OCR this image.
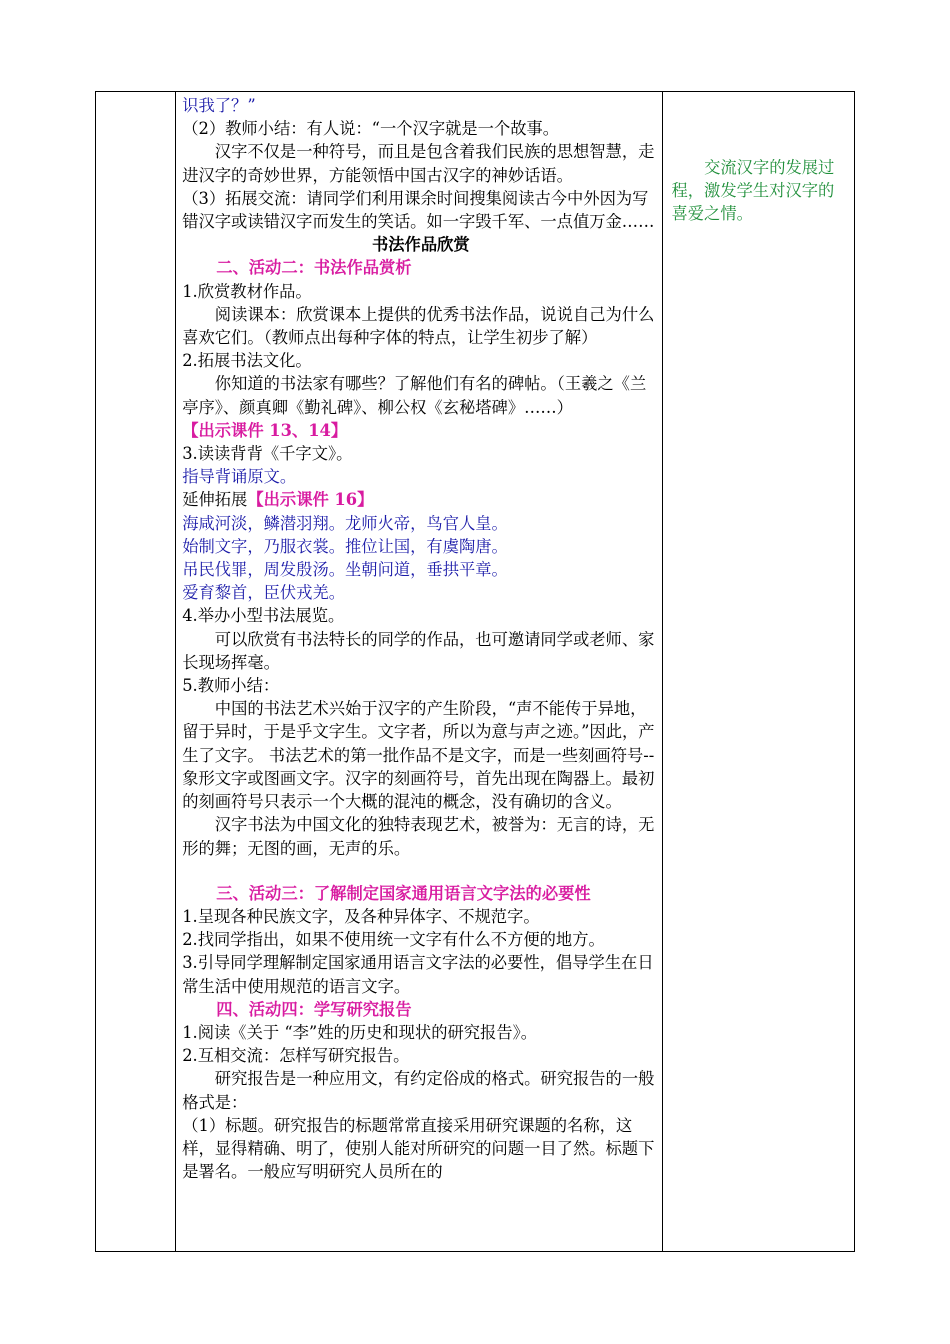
识我了？”

（2）教师小结：有人说：“一个汉字就是一个故事。

汉字不仅是一种符号，而且是包含着我们民族的思想智慧，走进汉字的奇妙世界，方能领悟中国古汉字的神妙话语。

（3）拓展交流：请同学们利用课余时间搜集阅读古今中外因为写错汉字或读错汉字而发生的笑话。如一字毁千军、一点值万金……

书法作品欣赏

二、活动二：书法作品赏析

1.欣赏教材作品。

阅读课本：欣赏课本上提供的优秀书法作品，说说自己为什么喜欢它们。（教师点出每种字体的特点，让学生初步了解）

2.拓展书法文化。

你知道的书法家有哪些？了解他们有名的碑帖。（王羲之《兰亭序》、颜真卿《勤礼碑》、柳公权《玄秘塔碑》……）

【出示课件 13、14】

3.读读背背《千字文》。

指导背诵原文。

延伸拓展【出示课件 16】

海咸河淡，鳞潜羽翔。龙师火帝，鸟官人皇。

始制文字，乃服衣裳。推位让国，有虞陶唐。

吊民伐罪，周发殷汤。坐朝问道，垂拱平章。

爱育黎首，臣伏戎羌。

4.举办小型书法展览。

可以欣赏有书法特长的同学的作品，也可邀请同学或老师、家长现场挥毫。

5.教师小结：

中国的书法艺术兴始于汉字的产生阶段，“声不能传于异地，留于异时，于是乎文字生。文字者，所以为意与声之迹。”因此，产生了文字。 书法艺术的第一批作品不是文字，而是一些刻画符号--象形文字或图画文字。汉字的刻画符号，首先出现在陶器上。最初的刻画符号只表示一个大概的混沌的概念，没有确切的含义。

汉字书法为中国文化的独特表现艺术，被誉为：无言的诗，无形的舞；无图的画，无声的乐。

三、活动三：了解制定国家通用语言文字法的必要性

1.呈现各种民族文字，及各种异体字、不规范字。

2.找同学指出，如果不使用统一文字有什么不方便的地方。

3.引导同学理解制定国家通用语言文字法的必要性，倡导学生在日常生活中使用规范的语言文字。

四、活动四：学写研究报告

1.阅读《关于 “李”姓的历史和现状的研究报告》。

2.互相交流：怎样写研究报告。

研究报告是一种应用文，有约定俗成的格式。研究报告的一般格式是：

（1）标题。研究报告的标题常常直接采用研究课题的名称，这样，显得精确、明了，使别人能对所研究的问题一目了然。标题下是署名。一般应写明研究人员所在的

交流汉字的发展过程，激发学生对汉字的喜爱之情。
